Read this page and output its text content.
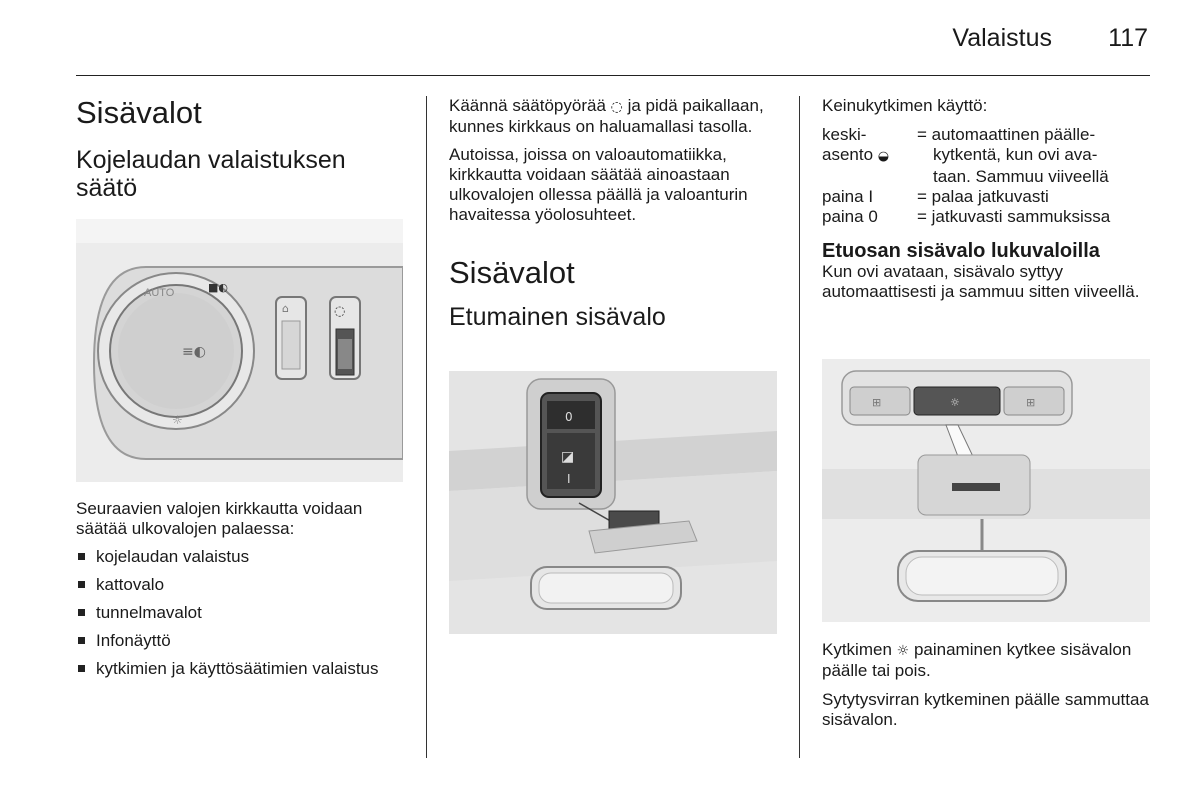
Valaistus 117
Sisävalot
Kojelaudan valaistuksen säätö
≡◐
AUTO	■◐
☼
⌂	◌

Seuraavien valojen kirkkautta voidaan säätää ulkovalojen palaessa:

kojelaudan valaistus
kattovalo
tunnelmavalot
Infonäyttö
kytkimien ja käyttösäätimien valaistus

Käännä säätöpyörää ◌ ja pidä paikallaan, kunnes kirkkaus on haluamallasi tasolla.

Autoissa, joissa on valoautomatiikka, kirkkautta voidaan säätää ainoastaan ulkovalojen ollessa päällä ja valoanturin havaitessa yöolosuhteet.

Sisävalot
Etumainen sisävalo
0
◪
I

Keinukytkimen käyttö:

keski-	= automaattinen päälle-
asento ◒	kytkentä, kun ovi ava-
taan. Sammuu viiveellä
paina I	= palaa jatkuvasti
paina 0	= jatkuvasti sammuksissa
Etuosan sisävalo lukuvaloilla

Kun ovi avataan, sisävalo syttyy automaattisesti ja sammuu sitten viiveellä.

⊞	☼	⊞

Kytkimen ☼ painaminen kytkee sisävalon päälle tai pois.

Sytytysvirran kytkeminen päälle sammuttaa sisävalon.
